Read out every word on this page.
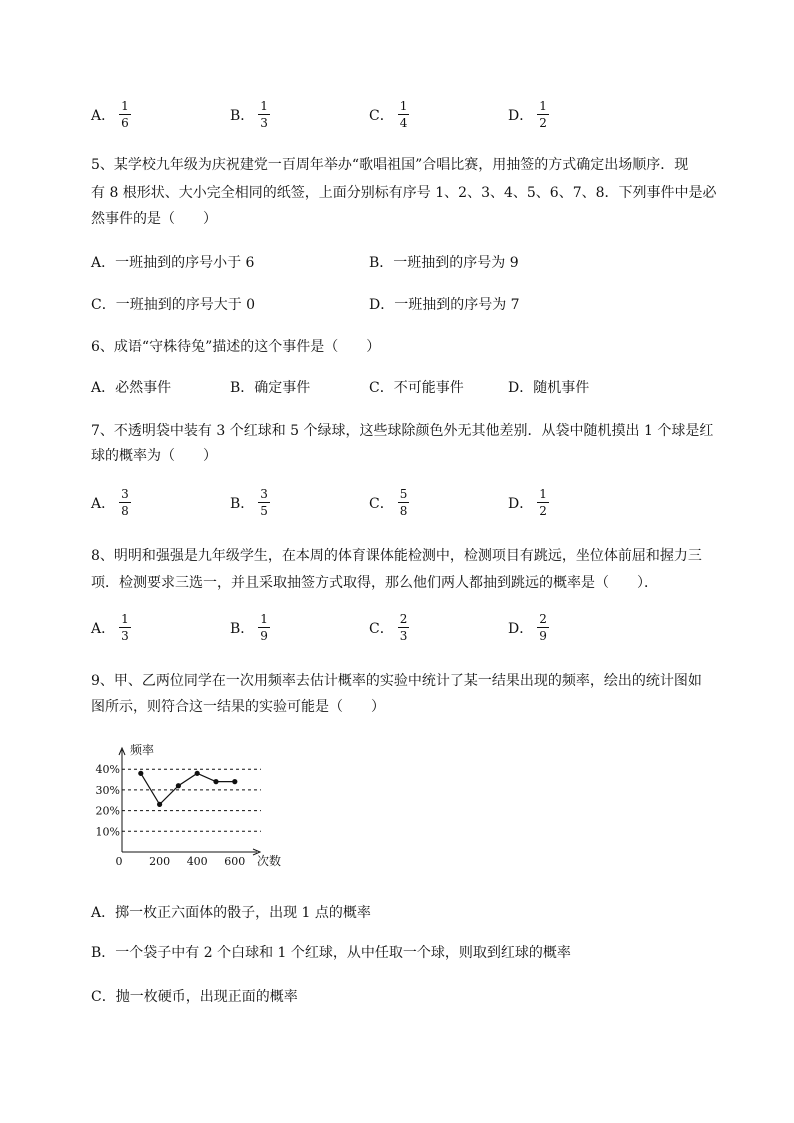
A． $\frac{1}{6}$	B． $\frac{1}{3}$	C． $\frac{1}{4}$	D． $\frac{1}{2}$
5、某学校九年级为庆祝建党一百周年举办“歌唱祖国”合唱比赛，用抽签的方式确定出场顺序．现
有 8 根形状、大小完全相同的纸签，上面分别标有序号 1、2、3、4、5、6、7、8．下列事件中是必
然事件的是（　　）
A．一班抽到的序号小于 6	B．一班抽到的序号为 9
C．一班抽到的序号大于 0	D．一班抽到的序号为 7
6、成语“守株待兔”描述的这个事件是（　　）
A．必然事件	B．确定事件	C．不可能事件	D．随机事件
7、不透明袋中装有 3 个红球和 5 个绿球，这些球除颜色外无其他差别．从袋中随机摸出 1 个球是红
球的概率为（　　）
A． $\frac{3}{8}$	B． $\frac{3}{5}$	C． $\frac{5}{8}$	D． $\frac{1}{2}$
8、明明和强强是九年级学生，在本周的体育课体能检测中，检测项目有跳远，坐位体前屈和握力三
项．检测要求三选一，并且采取抽签方式取得，那么他们两人都抽到跳远的概率是（　　）．
A． $\frac{1}{3}$	B． $\frac{1}{9}$	C． $\frac{2}{3}$	D． $\frac{2}{9}$
9、甲、乙两位同学在一次用频率去估计概率的实验中统计了某一结果出现的频率，绘出的统计图如
图所示，则符合这一结果的实验可能是（　　）
频率
次数
10%
20%
30%
40%
0 200 400 600
A．掷一枚正六面体的骰子，出现 1 点的概率
B．一个袋子中有 2 个白球和 1 个红球，从中任取一个球，则取到红球的概率
C．抛一枚硬币，出现正面的概率
